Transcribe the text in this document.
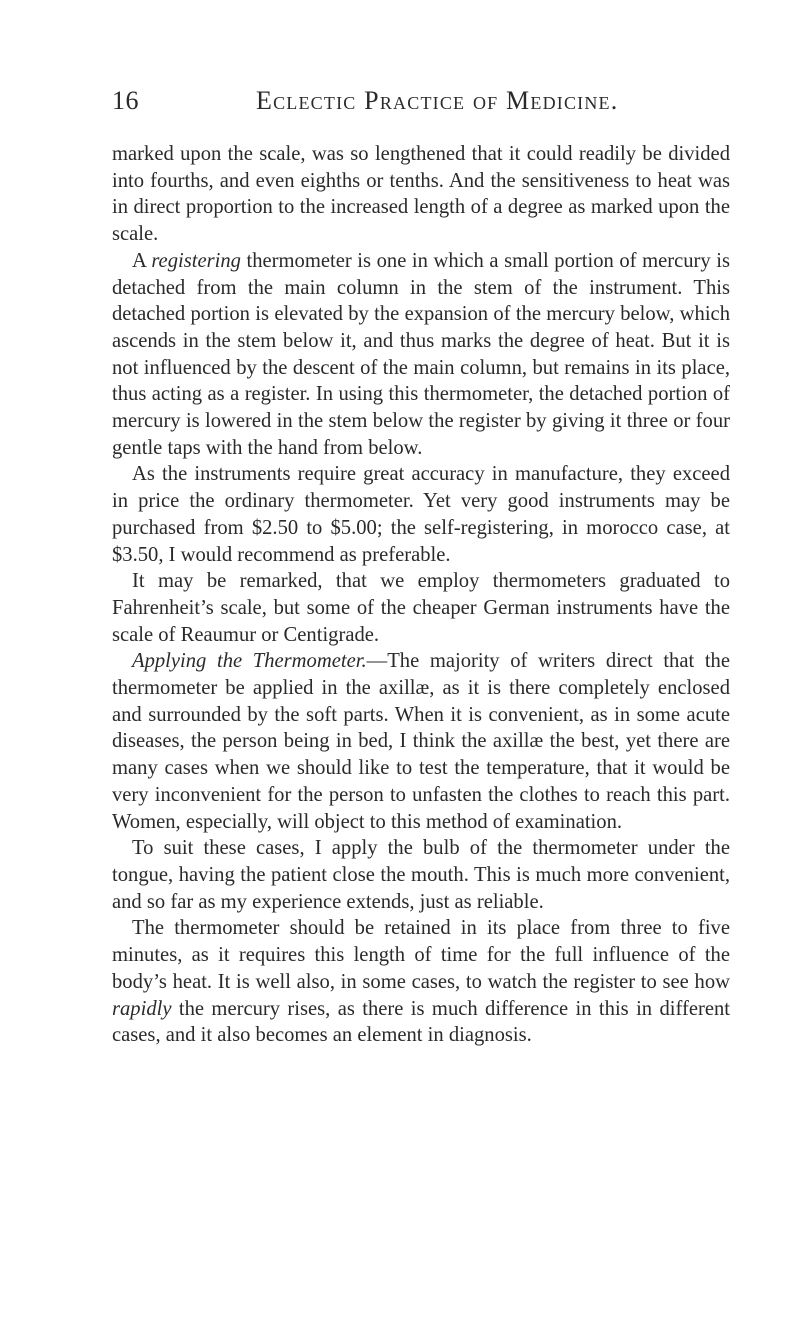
16	Eclectic Practice of Medicine.

marked upon the scale, was so lengthened that it could readily be divided into fourths, and even eighths or tenths. And the sensitiveness to heat was in direct proportion to the increased length of a degree as marked upon the scale.

A registering thermometer is one in which a small portion of mercury is detached from the main column in the stem of the instrument. This detached portion is elevated by the expansion of the mercury below, which ascends in the stem below it, and thus marks the degree of heat. But it is not influenced by the descent of the main column, but remains in its place, thus acting as a register. In using this thermometer, the detached portion of mercury is lowered in the stem below the register by giving it three or four gentle taps with the hand from below.

As the instruments require great accuracy in manufacture, they exceed in price the ordinary thermometer. Yet very good instruments may be purchased from $2.50 to $5.00; the self-registering, in morocco case, at $3.50, I would recommend as preferable.

It may be remarked, that we employ thermometers graduated to Fahrenheit’s scale, but some of the cheaper German instruments have the scale of Reaumur or Centigrade.

Applying the Thermometer.—The majority of writers direct that the thermometer be applied in the axillæ, as it is there completely enclosed and surrounded by the soft parts. When it is convenient, as in some acute diseases, the person being in bed, I think the axillæ the best, yet there are many cases when we should like to test the temperature, that it would be very inconvenient for the person to unfasten the clothes to reach this part. Women, especially, will object to this method of examination.

To suit these cases, I apply the bulb of the thermometer under the tongue, having the patient close the mouth. This is much more convenient, and so far as my experience extends, just as reliable.

The thermometer should be retained in its place from three to five minutes, as it requires this length of time for the full influence of the body’s heat. It is well also, in some cases, to watch the register to see how rapidly the mercury rises, as there is much difference in this in different cases, and it also becomes an element in diagnosis.
